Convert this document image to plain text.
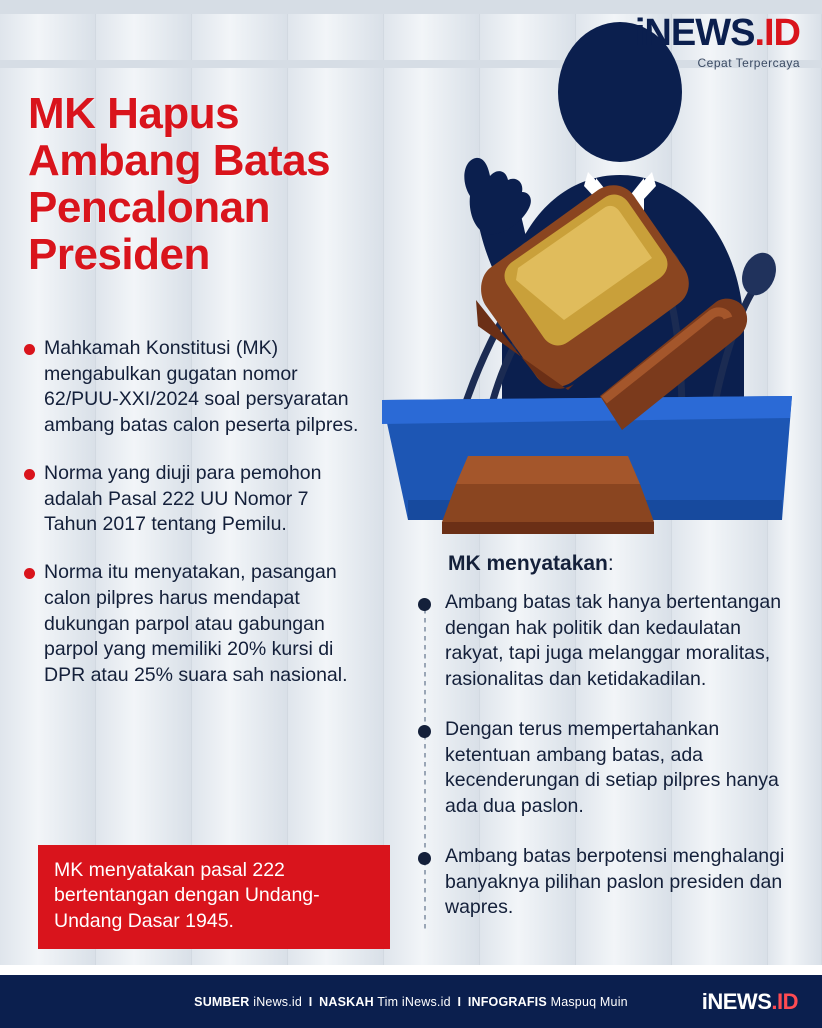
iNEWS.ID
Cepat Terpercaya
MK Hapus Ambang Batas Pencalonan Presiden
Mahkamah Konstitusi (MK) mengabulkan gugatan nomor 62/PUU-XXI/2024 soal persyaratan ambang batas calon peserta pilpres.
Norma yang diuji para pemohon adalah Pasal 222 UU Nomor 7 Tahun 2017 tentang Pemilu.
Norma itu menyatakan, pasangan calon pilpres harus mendapat dukungan parpol atau gabungan parpol yang memiliki 20% kursi di DPR atau 25% suara sah nasional.
MK menyatakan pasal 222 bertentangan dengan Undang-Undang Dasar 1945.
MK menyatakan:
Ambang batas tak hanya bertentangan dengan hak politik dan kedaulatan rakyat, tapi juga melanggar moralitas, rasionalitas dan ketidakadilan.
Dengan terus mempertahankan ketentuan ambang batas, ada kecenderungan di setiap pilpres hanya ada dua paslon.
Ambang batas berpotensi menghalangi banyaknya pilihan paslon presiden dan wapres.
SUMBER iNews.id I NASKAH Tim iNews.id I INFOGRAFIS Maspuq Muin	iNEWS.ID
